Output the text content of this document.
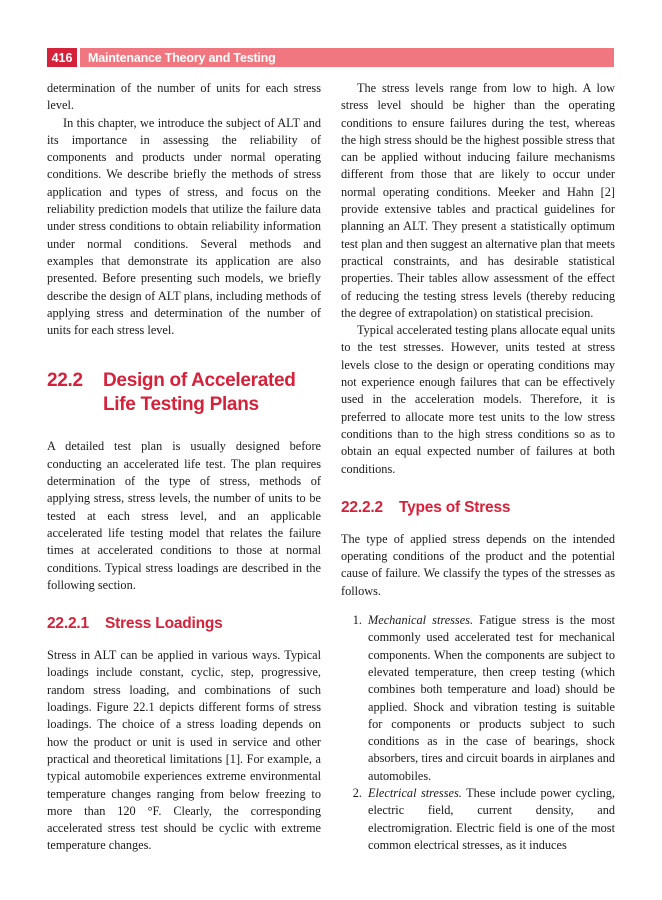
416	Maintenance Theory and Testing

determination of the number of units for each stress level.

In this chapter, we introduce the subject of ALT and its importance in assessing the reliability of components and products under normal operating conditions. We describe briefly the methods of stress application and types of stress, and focus on the reliability prediction models that utilize the failure data under stress conditions to obtain reliability information under normal conditions. Several methods and examples that demonstrate its application are also presented. Before presenting such models, we briefly describe the design of ALT plans, including methods of applying stress and determination of the number of units for each stress level.

22.2	Design of Accelerated Life Testing Plans

A detailed test plan is usually designed before conducting an accelerated life test. The plan requires determination of the type of stress, methods of applying stress, stress levels, the number of units to be tested at each stress level, and an applicable accelerated life testing model that relates the failure times at accelerated conditions to those at normal conditions. Typical stress loadings are described in the following section.

22.2.1	Stress Loadings

Stress in ALT can be applied in various ways. Typical loadings include constant, cyclic, step, progressive, random stress loading, and combinations of such loadings. Figure 22.1 depicts different forms of stress loadings. The choice of a stress loading depends on how the product or unit is used in service and other practical and theoretical limitations [1]. For example, a typical automobile experiences extreme environmental temperature changes ranging from below freezing to more than 120 °F. Clearly, the corresponding accelerated stress test should be cyclic with extreme temperature changes.

The stress levels range from low to high. A low stress level should be higher than the operating conditions to ensure failures during the test, whereas the high stress should be the highest possible stress that can be applied without inducing failure mechanisms different from those that are likely to occur under normal operating conditions. Meeker and Hahn [2] provide extensive tables and practical guidelines for planning an ALT. They present a statistically optimum test plan and then suggest an alternative plan that meets practical constraints, and has desirable statistical properties. Their tables allow assessment of the effect of reducing the testing stress levels (thereby reducing the degree of extrapolation) on statistical precision.

Typical accelerated testing plans allocate equal units to the test stresses. However, units tested at stress levels close to the design or operating conditions may not experience enough failures that can be effectively used in the acceleration models. Therefore, it is preferred to allocate more test units to the low stress conditions than to the high stress conditions so as to obtain an equal expected number of failures at both conditions.

22.2.2	Types of Stress

The type of applied stress depends on the intended operating conditions of the product and the potential cause of failure. We classify the types of the stresses as follows.

1. Mechanical stresses. Fatigue stress is the most commonly used accelerated test for mechanical components. When the components are subject to elevated temperature, then creep testing (which combines both temperature and load) should be applied. Shock and vibration testing is suitable for components or products subject to such conditions as in the case of bearings, shock absorbers, tires and circuit boards in airplanes and automobiles.
2. Electrical stresses. These include power cycling, electric field, current density, and electromigration. Electric field is one of the most common electrical stresses, as it induces
